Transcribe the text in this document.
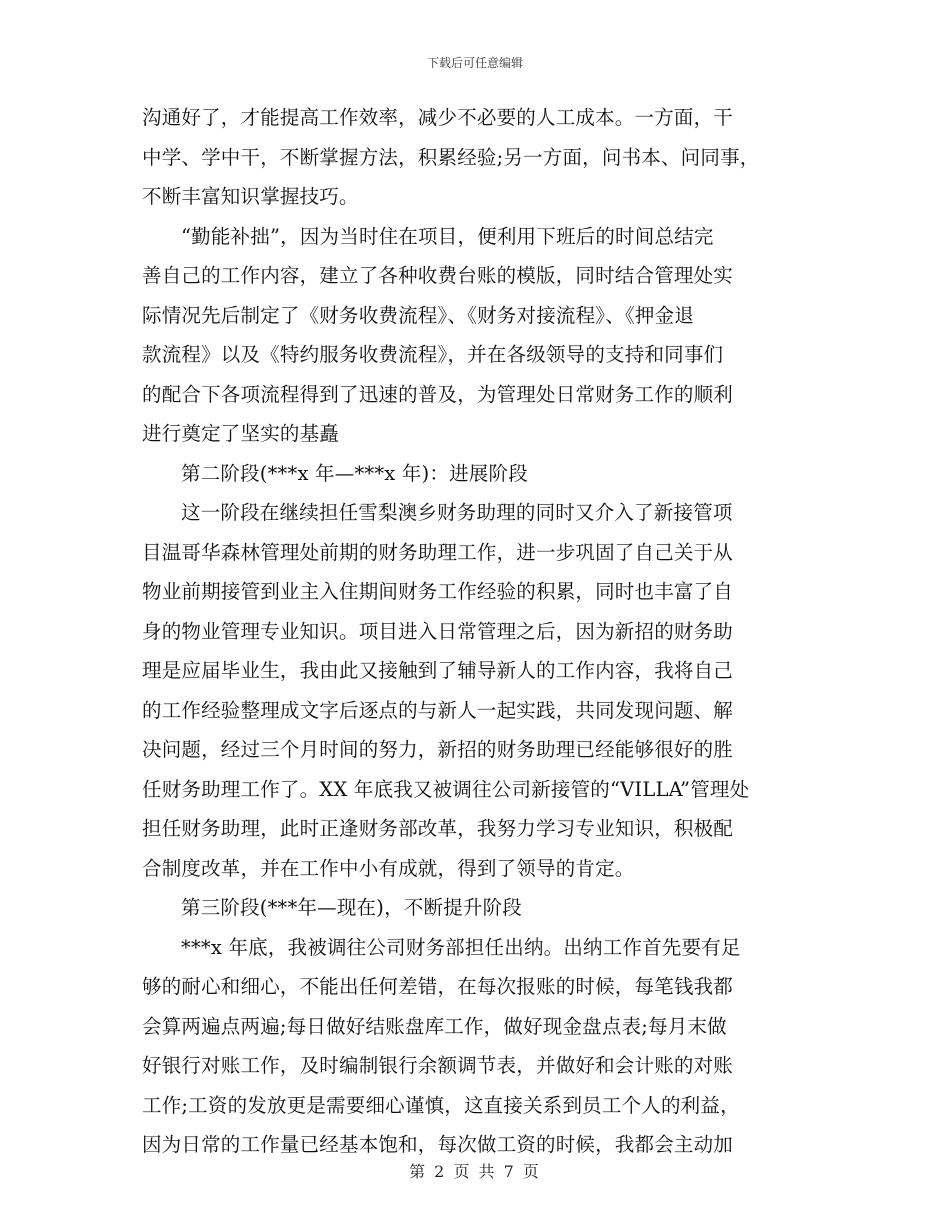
下载后可任意编辑
沟通好了，才能提高工作效率，减少不必要的人工成本。一方面，干
中学、学中干，不断掌握方法，积累经验;另一方面，问书本、问同事，
不断丰富知识掌握技巧。
“勤能补拙”，因为当时住在项目，便利用下班后的时间总结完
善自己的工作内容，建立了各种收费台账的模版，同时结合管理处实
际情况先后制定了《财务收费流程》、《财务对接流程》、《押金退
款流程》以及《特约服务收费流程》，并在各级领导的支持和同事们
的配合下各项流程得到了迅速的普及，为管理处日常财务工作的顺利
进行奠定了坚实的基矗
第二阶段(***x 年—***x 年)：进展阶段
这一阶段在继续担任雪梨澳乡财务助理的同时又介入了新接管项
目温哥华森林管理处前期的财务助理工作，进一步巩固了自己关于从
物业前期接管到业主入住期间财务工作经验的积累，同时也丰富了自
身的物业管理专业知识。项目进入日常管理之后，因为新招的财务助
理是应届毕业生，我由此又接触到了辅导新人的工作内容，我将自己
的工作经验整理成文字后逐点的与新人一起实践，共同发现问题、解
决问题，经过三个月时间的努力，新招的财务助理已经能够很好的胜
任财务助理工作了。XX 年底我又被调往公司新接管的“VILLA”管理处
担任财务助理，此时正逢财务部改革，我努力学习专业知识，积极配
合制度改革，并在工作中小有成就，得到了领导的肯定。
第三阶段(***年—现在)，不断提升阶段
***x 年底，我被调往公司财务部担任出纳。出纳工作首先要有足
够的耐心和细心，不能出任何差错，在每次报账的时候，每笔钱我都
会算两遍点两遍;每日做好结账盘库工作，做好现金盘点表;每月末做
好银行对账工作，及时编制银行余额调节表，并做好和会计账的对账
工作;工资的发放更是需要细心谨慎，这直接关系到员工个人的利益，
因为日常的工作量已经基本饱和，每次做工资的时候，我都会主动加
第 2 页 共 7 页
